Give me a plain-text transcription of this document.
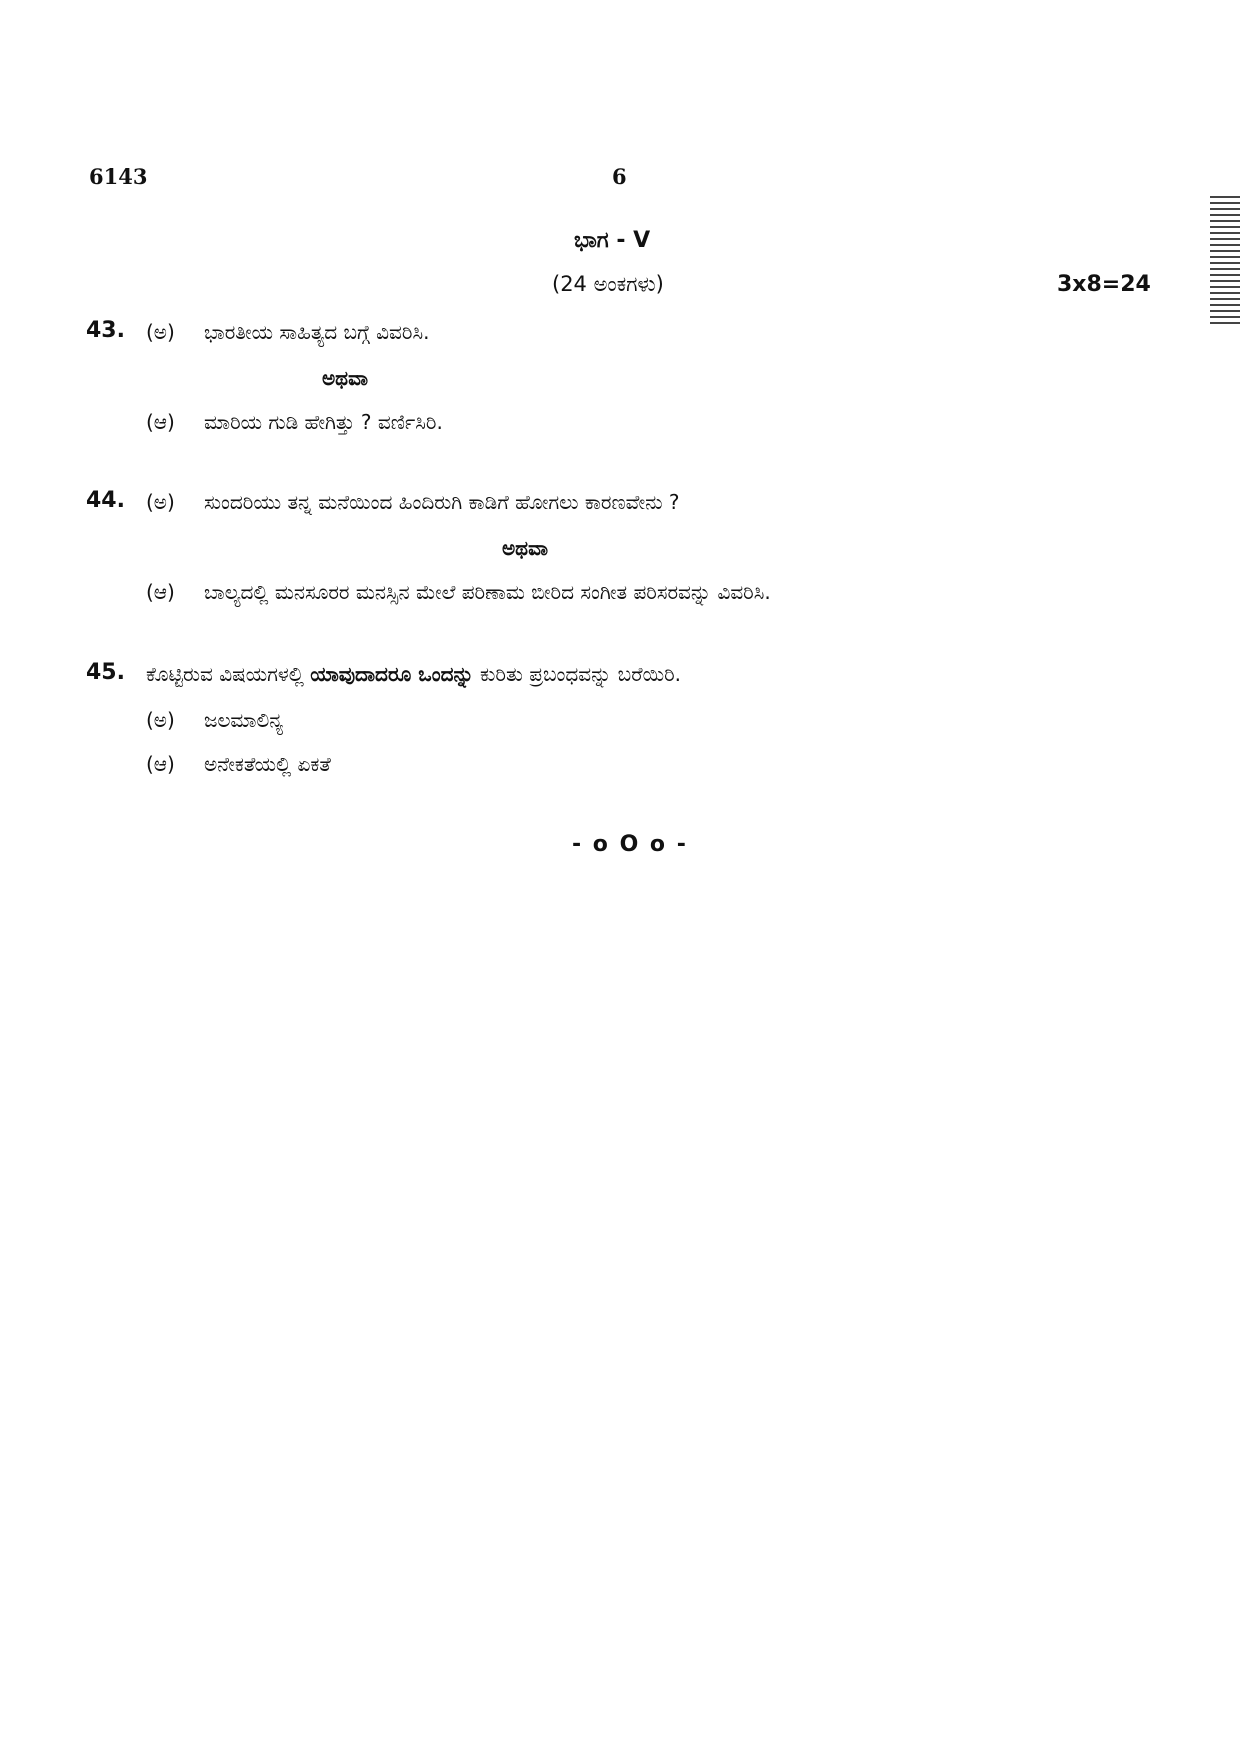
6143	6
ಭಾಗ - V
(24 ಅಂಕಗಳು)	3x8=24
43. (ಅ) ಭಾರತೀಯ ಸಾಹಿತ್ಯದ ಬಗ್ಗೆ ವಿವರಿಸಿ.
ಅಥವಾ
(ಆ) ಮಾರಿಯ ಗುಡಿ ಹೇಗಿತ್ತು ? ವರ್ಣಿಸಿರಿ.
44. (ಅ) ಸುಂದರಿಯು ತನ್ನ ಮನೆಯಿಂದ ಹಿಂದಿರುಗಿ ಕಾಡಿಗೆ ಹೋಗಲು ಕಾರಣವೇನು ?
ಅಥವಾ
(ಆ) ಬಾಲ್ಯದಲ್ಲಿ ಮನಸೂರರ ಮನಸ್ಸಿನ ಮೇಲೆ ಪರಿಣಾಮ ಬೀರಿದ ಸಂಗೀತ ಪರಿಸರವನ್ನು ವಿವರಿಸಿ.
45. ಕೊಟ್ಟಿರುವ ವಿಷಯಗಳಲ್ಲಿ ಯಾವುದಾದರೂ ಒಂದನ್ನು ಕುರಿತು ಪ್ರಬಂಧವನ್ನು ಬರೆಯಿರಿ.
(ಅ) ಜಲಮಾಲಿನ್ಯ
(ಆ) ಅನೇಕತೆಯಲ್ಲಿ ಏಕತೆ
- o O o -
